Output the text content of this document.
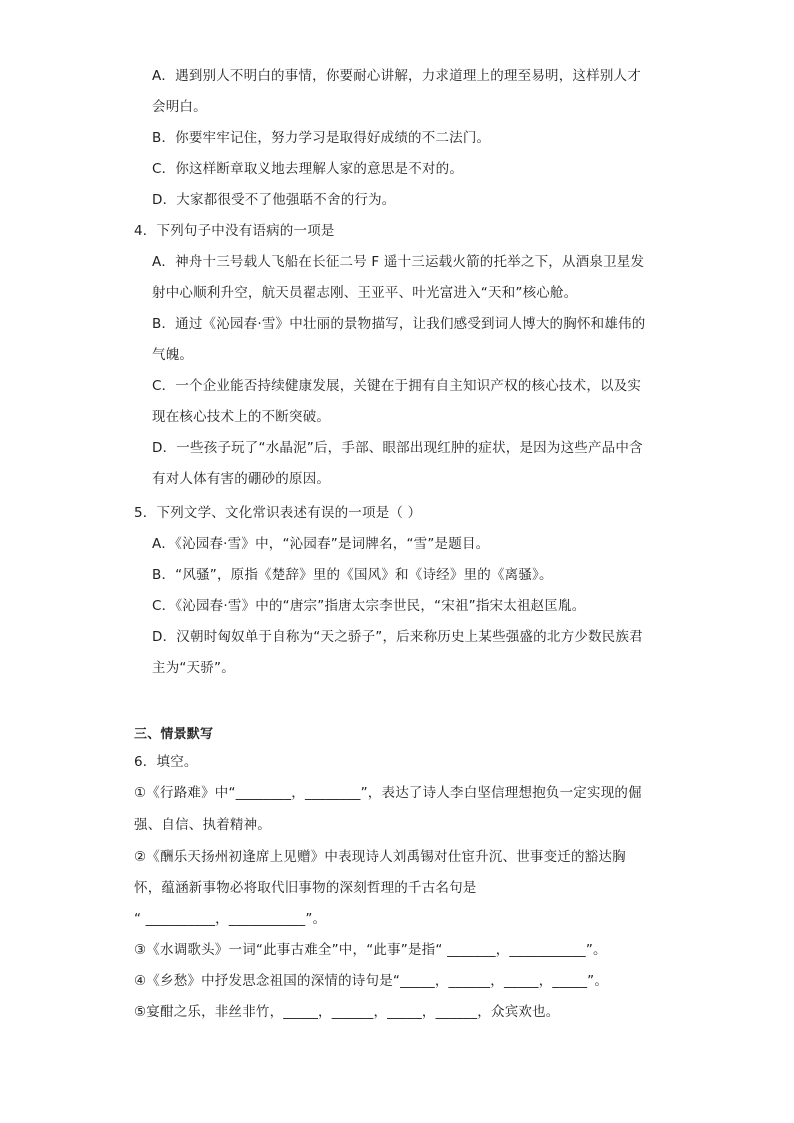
A．遇到别人不明白的事情，你要耐心讲解，力求道理上的理至易明，这样别人才
会明白。
B．你要牢牢记住，努力学习是取得好成绩的不二法门。
C．你这样断章取义地去理解人家的意思是不对的。
D．大家都很受不了他强聒不舍的行为。
4．下列句子中没有语病的一项是
A．神舟十三号载人飞船在长征二号 F 遥十三运载火箭的托举之下，从酒泉卫星发
射中心顺利升空，航天员翟志刚、王亚平、叶光富进入“天和”核心舱。
B．通过《沁园春·雪》中壮丽的景物描写，让我们感受到词人博大的胸怀和雄伟的
气魄。
C．一个企业能否持续健康发展，关键在于拥有自主知识产权的核心技术，以及实
现在核心技术上的不断突破。
D．一些孩子玩了“水晶泥”后，手部、眼部出现红肿的症状，是因为这些产品中含
有对人体有害的硼砂的原因。
5．下列文学、文化常识表述有误的一项是（ ）
A．《沁园春·雪》中，“沁园春”是词牌名，“雪”是题目。
B．“风骚”，原指《楚辞》里的《国风》和《诗经》里的《离骚》。
C．《沁园春·雪》中的“唐宗”指唐太宗李世民，“宋祖”指宋太祖赵匡胤。
D．汉朝时匈奴单于自称为“天之骄子”，后来称历史上某些强盛的北方少数民族君
主为“天骄”。
三、情景默写
6．填空。
①《行路难》中“________，________”，表达了诗人李白坚信理想抱负一定实现的倔
强、自信、执着精神。
②《酬乐天扬州初逢席上见赠》中表现诗人刘禹锡对仕宦升沉、世事变迁的豁达胸
怀，蕴涵新事物必将取代旧事物的深刻哲理的千古名句是
“ __________，___________”。
③《水调歌头》一词“此事古难全”中，“此事”是指“ _______，___________”。
④《乡愁》中抒发思念祖国的深情的诗句是“_____，______，_____，_____”。
⑤宴酣之乐，非丝非竹，_____，______，_____，______，众宾欢也。
